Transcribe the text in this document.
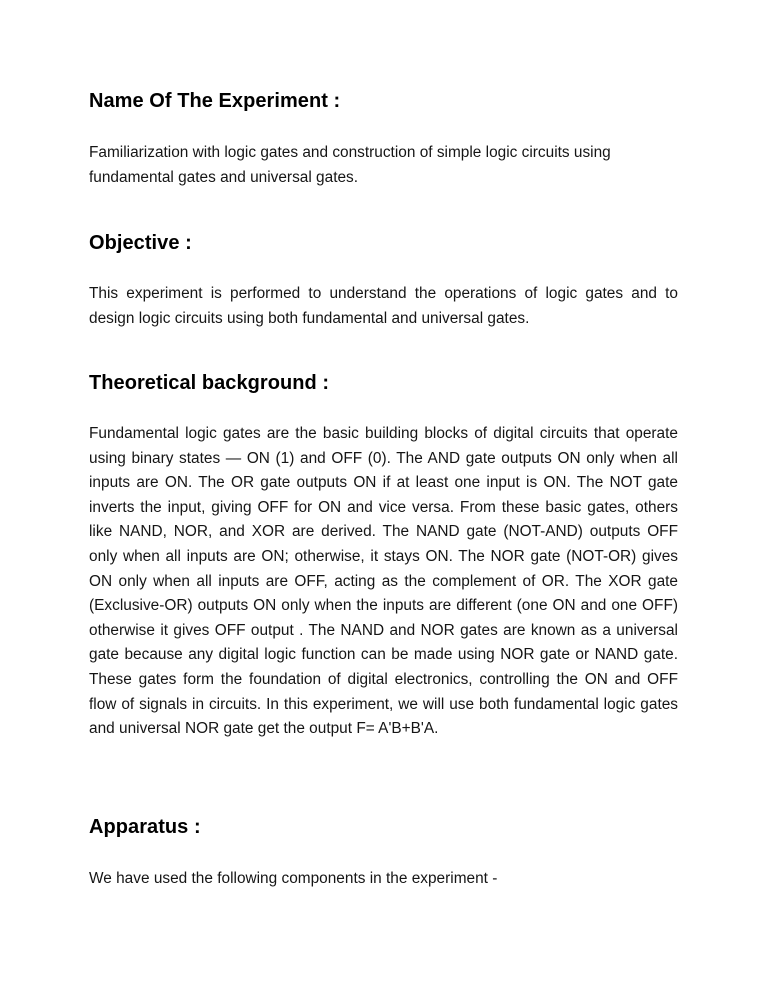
Name Of The Experiment :

Familiarization with logic gates and construction of simple logic circuits using fundamental gates and universal gates.

Objective :

This experiment is performed to understand the operations of logic gates and to design logic circuits using both fundamental and universal gates.

Theoretical background :

Fundamental logic gates are the basic building blocks of digital circuits that operate using binary states — ON (1) and OFF (0). The AND gate outputs ON only when all inputs are ON. The OR gate outputs ON if at least one input is ON. The NOT gate inverts the input, giving OFF for ON and vice versa. From these basic gates, others like NAND, NOR, and XOR are derived. The NAND gate (NOT-AND) outputs OFF only when all inputs are ON; otherwise, it stays ON. The NOR gate (NOT-OR) gives ON only when all inputs are OFF, acting as the complement of OR. The XOR gate (Exclusive-OR) outputs ON only when the inputs are different (one ON and one OFF) otherwise it gives OFF output . The NAND and NOR gates are known as a universal gate because any digital logic function can be made using NOR gate or NAND gate. These gates form the foundation of digital electronics, controlling the ON and OFF flow of signals in circuits. In this experiment, we will use both fundamental logic gates and universal NOR gate get the output F= A'B+B'A.

Apparatus :

We have used the following components in the experiment -
